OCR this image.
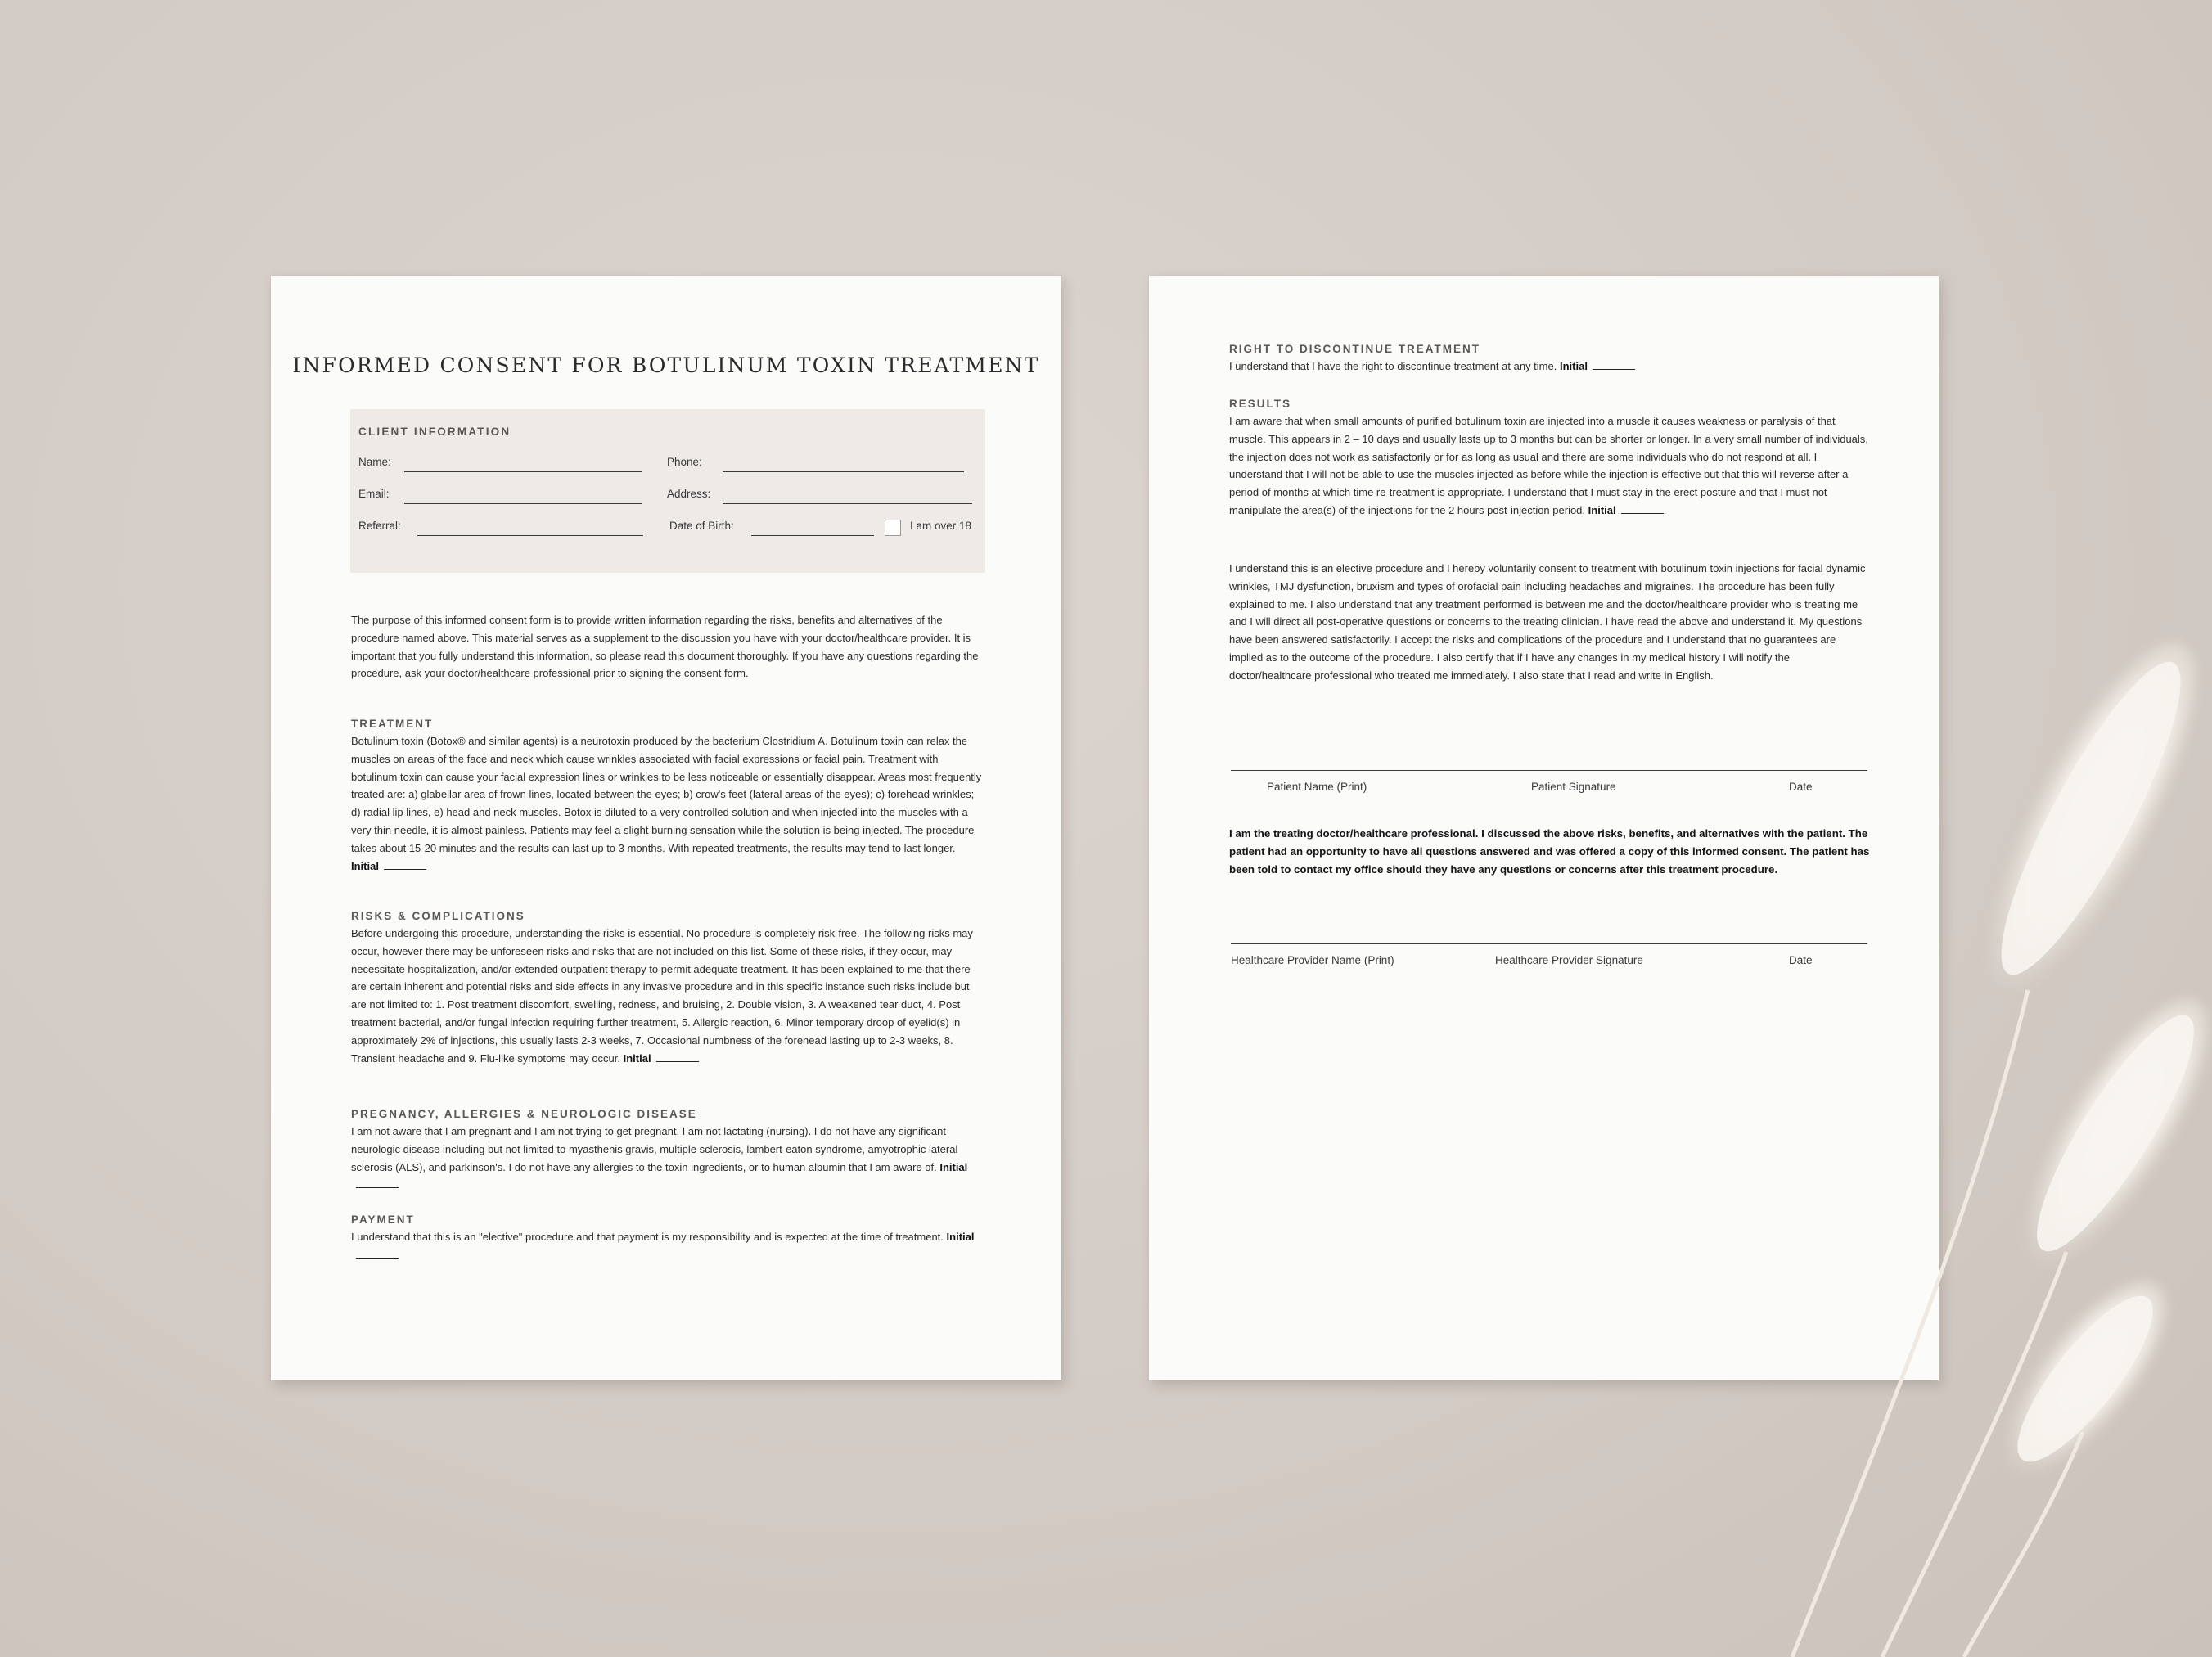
INFORMED CONSENT FOR BOTULINUM TOXIN TREATMENT
CLIENT INFORMATION
Name:	Phone:
Email:	Address:
Referral:	Date of Birth:	I am over 18

The purpose of this informed consent form is to provide written information regarding the risks, benefits and alternatives of the procedure named above. This material serves as a supplement to the discussion you have with your doctor/healthcare provider. It is important that you fully understand this information, so please read this document thoroughly. If you have any questions regarding the procedure, ask your doctor/healthcare professional prior to signing the consent form.

TREATMENT

Botulinum toxin (Botox® and similar agents) is a neurotoxin produced by the bacterium Clostridium A. Botulinum toxin can relax the muscles on areas of the face and neck which cause wrinkles associated with facial expressions or facial pain. Treatment with botulinum toxin can cause your facial expression lines or wrinkles to be less noticeable or essentially disappear. Areas most frequently treated are: a) glabellar area of frown lines, located between the eyes; b) crow's feet (lateral areas of the eyes); c) forehead wrinkles; d) radial lip lines, e) head and neck muscles. Botox is diluted to a very controlled solution and when injected into the muscles with a very thin needle, it is almost painless. Patients may feel a slight burning sensation while the solution is being injected. The procedure takes about 15-20 minutes and the results can last up to 3 months. With repeated treatments, the results may tend to last longer. Initial

RISKS & COMPLICATIONS

Before undergoing this procedure, understanding the risks is essential. No procedure is completely risk-free. The following risks may occur, however there may be unforeseen risks and risks that are not included on this list. Some of these risks, if they occur, may necessitate hospitalization, and/or extended outpatient therapy to permit adequate treatment. It has been explained to me that there are certain inherent and potential risks and side effects in any invasive procedure and in this specific instance such risks include but are not limited to: 1. Post treatment discomfort, swelling, redness, and bruising, 2. Double vision, 3. A weakened tear duct, 4. Post treatment bacterial, and/or fungal infection requiring further treatment, 5. Allergic reaction, 6. Minor temporary droop of eyelid(s) in approximately 2% of injections, this usually lasts 2-3 weeks, 7. Occasional numbness of the forehead lasting up to 2-3 weeks, 8. Transient headache and 9. Flu-like symptoms may occur. Initial

PREGNANCY, ALLERGIES & NEUROLOGIC DISEASE

I am not aware that I am pregnant and I am not trying to get pregnant, I am not lactating (nursing). I do not have any significant neurologic disease including but not limited to myasthenis gravis, multiple sclerosis, lambert-eaton syndrome, amyotrophic lateral sclerosis (ALS), and parkinson's. I do not have any allergies to the toxin ingredients, or to human albumin that I am aware of. Initial

PAYMENT

I understand that this is an "elective" procedure and that payment is my responsibility and is expected at the time of treatment. Initial

RIGHT TO DISCONTINUE TREATMENT

I understand that I have the right to discontinue treatment at any time. Initial

RESULTS

I am aware that when small amounts of purified botulinum toxin are injected into a muscle it causes weakness or paralysis of that muscle. This appears in 2 – 10 days and usually lasts up to 3 months but can be shorter or longer. In a very small number of individuals, the injection does not work as satisfactorily or for as long as usual and there are some individuals who do not respond at all. I understand that I will not be able to use the muscles injected as before while the injection is effective but that this will reverse after a period of months at which time re-treatment is appropriate. I understand that I must stay in the erect posture and that I must not manipulate the area(s) of the injections for the 2 hours post-injection period. Initial

I understand this is an elective procedure and I hereby voluntarily consent to treatment with botulinum toxin injections for facial dynamic wrinkles, TMJ dysfunction, bruxism and types of orofacial pain including headaches and migraines. The procedure has been fully explained to me. I also understand that any treatment performed is between me and the doctor/healthcare provider who is treating me and I will direct all post-operative questions or concerns to the treating clinician. I have read the above and understand it. My questions have been answered satisfactorily. I accept the risks and complications of the procedure and I understand that no guarantees are implied as to the outcome of the procedure. I also certify that if I have any changes in my medical history I will notify the doctor/healthcare professional who treated me immediately. I also state that I read and write in English.

Patient Name (Print)	Patient Signature	Date

I am the treating doctor/healthcare professional. I discussed the above risks, benefits, and alternatives with the patient. The patient had an opportunity to have all questions answered and was offered a copy of this informed consent. The patient has been told to contact my office should they have any questions or concerns after this treatment procedure.

Healthcare Provider Name (Print)	Healthcare Provider Signature	Date
